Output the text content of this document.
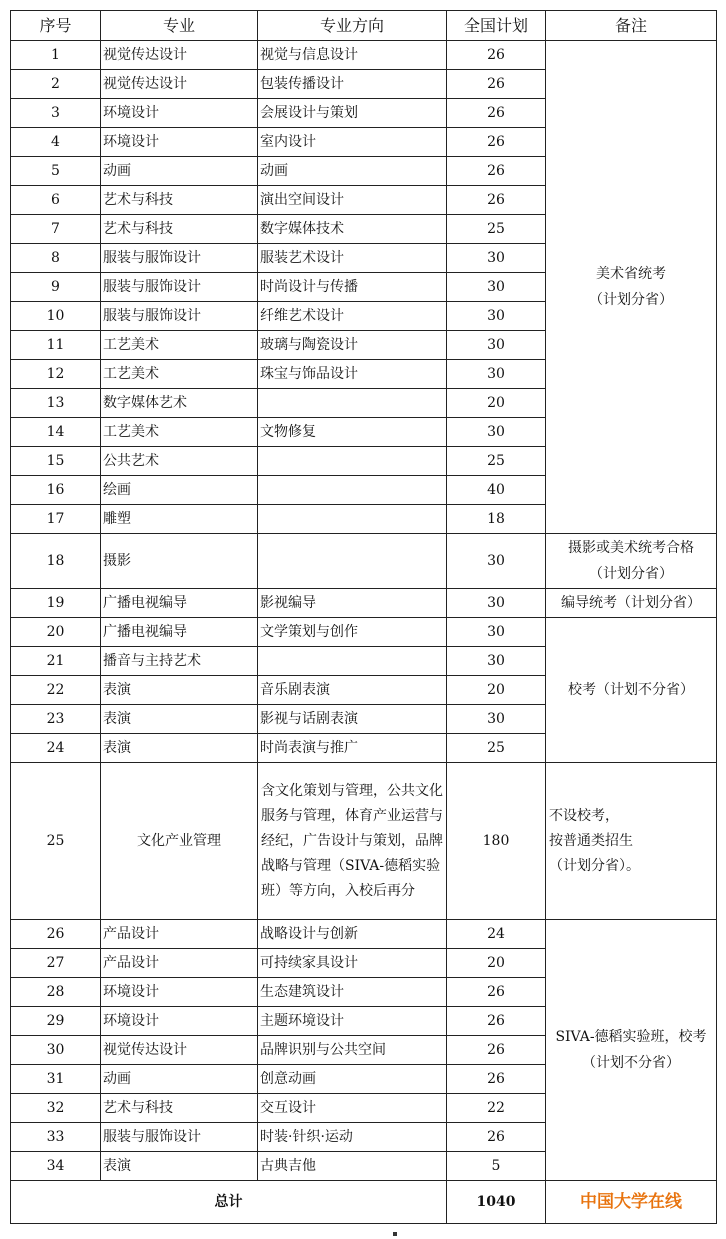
序号	专业	专业方向	全国计划	备注
1	视觉传达设计	视觉与信息设计	26	美术省统考
（计划分省）

2	视觉传达设计	包装传播设计	26	
3	环境设计	会展设计与策划	26	
4	环境设计	室内设计	26	
5	动画	动画	26	
6	艺术与科技	演出空间设计	26	
7	艺术与科技	数字媒体技术	25	
8	服装与服饰设计	服装艺术设计	30	
9	服装与服饰设计	时尚设计与传播	30	
10	服装与服饰设计	纤维艺术设计	30	
11	工艺美术	玻璃与陶瓷设计	30	
12	工艺美术	珠宝与饰品设计	30	
13	数字媒体艺术		20	
14	工艺美术	文物修复	30	
15	公共艺术		25	
16	绘画		40	
17	雕塑		18	
18	摄影		30	摄影或美术统考合格
（计划分省）

19	广播电视编导	影视编导	30	编导统考（计划分省）
20	广播电视编导	文学策划与创作	30	校考（计划不分省）
21	播音与主持艺术		30	
22	表演	音乐剧表演	20	
23	表演	影视与话剧表演	30	
24	表演	时尚表演与推广	25	
25	文化产业管理	含文化策划与管理，公共文化服务与管理，体育产业运营与经纪，广告设计与策划，品牌战略与管理（SIVA-德稻实验班）等方向，入校后再分	180	不设校考，
按普通类招生
（计划分省）。

26	产品设计	战略设计与创新	24	SIVA-德稻实验班，校考
（计划不分省）

27	产品设计	可持续家具设计	20	
28	环境设计	生态建筑设计	26	
29	环境设计	主题环境设计	26	
30	视觉传达设计	品牌识别与公共空间	26	
31	动画	创意动画	26	
32	艺术与科技	交互设计	22	
33	服装与服饰设计	时装·针织·运动	26	
34	表演	古典吉他	5	
总计			1040	中国大学在线
